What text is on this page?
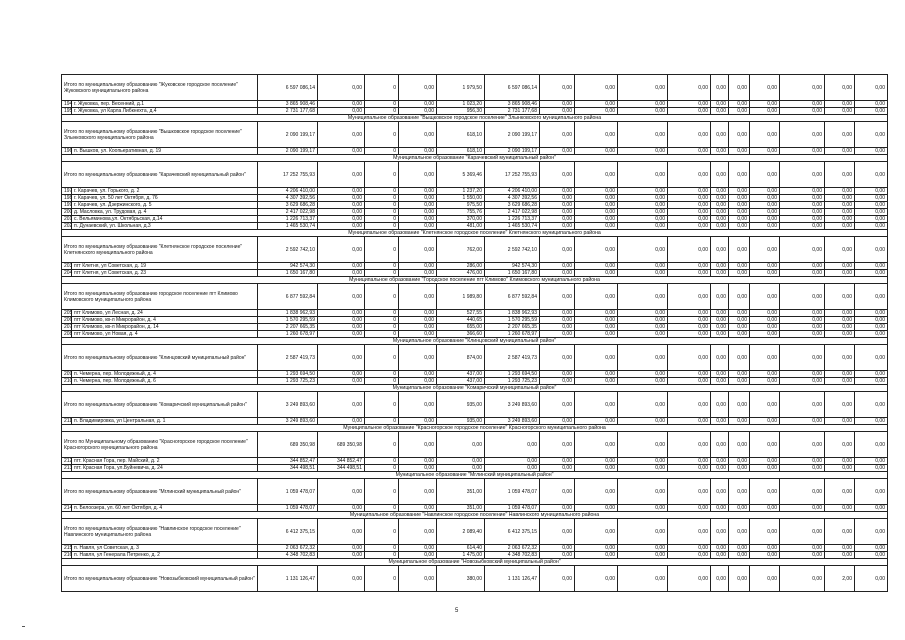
Итого по муниципальному образованию "Жуковское городское поселение" Жуковского муниципального района		6 597 086,14	0,00	0	0,00	1 979,50	6 597 086,14	0,00	0,00	0,00	0,00	0,00	0,00	0,00	0,00	0,00	0,00
194	г. Жуковка, пер. Весенний, д.1	3 865 908,46	0,00	0	0,00	1 023,20	3 865 908,46	0,00	0,00	0,00	0,00	0,00	0,00	0,00	0,00	0,00	0,00
195	г. Жуковка, ул Карла Либкнехта, д.4	2 731 177,68	0,00	0	0,00	956,30	2 731 177,68	0,00	0,00	0,00	0,00	0,00	0,00	0,00	0,00	0,00	0,00
Муниципальное образование "Выщковское городское поселение" Злынковского муниципального района																	
Итого по муниципальному образованию "Вышковское городское поселение" Злынковского муниципального района		2 090 199,17	0,00	0	0,00	618,10	2 090 199,17	0,00	0,00	0,00	0,00	0,00	0,00	0,00	0,00	0,00	0,00
196	п. Вышков, ул. Коопьеративная, д. 19	2 090 199,17	0,00	0	0,00	618,10	2 090 199,17	0,00	0,00	0,00	0,00	0,00	0,00	0,00	0,00	0,00	0,00
Муниципальное образование "Карачевский муниципальный район"																	
Итого по муниципальному образованию "Карачевский муниципальный район"		17 252 755,93	0,00	0	0,00	5 369,46	17 252 755,93	0,00	0,00	0,00	0,00	0,00	0,00	0,00	0,00	0,00	0,00
197	г. Карачев, ул. Горького, д. 2	4 206 410,00	0,00	0	0,00	1 237,20	4 206 410,00	0,00	0,00	0,00	0,00	0,00	0,00	0,00	0,00	0,00	0,00
198	г. Карачев, ул. 50 лет Октября, д. 76	4 307 392,56	0,00	0	0,00	1 550,00	4 307 392,56	0,00	0,00	0,00	0,00	0,00	0,00	0,00	0,00	0,00	0,00
199	г. Карачев, ул. Дзержинского, д. 5	3 629 686,28	0,00	0	0,00	975,50	3 629 686,28	0,00	0,00	0,00	0,00	0,00	0,00	0,00	0,00	0,00	0,00
200	д. Масловка, ул. Трудовая, д. 4	2 417 022,98	0,00	0	0,00	755,76	2 417 022,98	0,00	0,00	0,00	0,00	0,00	0,00	0,00	0,00	0,00	0,00
201	с. Вельяминова,ул. Октябрьская, д.14	1 226 713,37	0,00	0	0,00	370,00	1 226 713,37	0,00	0,00	0,00	0,00	0,00	0,00	0,00	0,00	0,00	0,00
202	п. Дунаевский, ул. Школьная, д.3	1 465 530,74	0,00	0	0,00	481,00	1 465 530,74	0,00	0,00	0,00	0,00	0,00	0,00	0,00	0,00	0,00	0,00
Муниципальное образование "Клетнянское городское поселение" Клетнянского муниципального района																	
Итого по муниципальному образованию "Клетнянское городское поселение" Клетнянского муниципального района		2 592 742,10	0,00	0	0,00	762,00	2 592 742,10	0,00	0,00	0,00	0,00	0,00	0,00	0,00	0,00	0,00	0,00
203	пгт Клетня, ул Советская, д. 19	942 574,30	0,00	0	0,00	286,00	942 574,30	0,00	0,00	0,00	0,00	0,00	0,00	0,00	0,00	0,00	0,00
204	пгт Клетня, ул Советская, д. 23	1 650 167,80	0,00	0	0,00	476,00	1 650 167,80	0,00	0,00	0,00	0,00	0,00	0,00	0,00	0,00	0,00	0,00
Муниципальное образование "Городское поселение пгт Климово" Климовского муниципального района																	
Итого по муниципальному образованию городское поселение пгт Климово Климовского муниципального района		6 877 592,84	0,00	0	0,00	1 989,80	6 877 592,84	0,00	0,00	0,00	0,00	0,00	0,00	0,00	0,00	0,00	0,00
205	пгт Климово, ул Лесная, д. 24	1 838 962,93	0,00	0	0,00	527,55	1 838 962,93	0,00	0,00	0,00	0,00	0,00	0,00	0,00	0,00	0,00	0,00
206	пгт Климово, кв-л Микрорайон, д. 4	1 570 295,59	0,00	0	0,00	440,65	1 570 295,59	0,00	0,00	0,00	0,00	0,00	0,00	0,00	0,00	0,00	0,00
207	пгт Климово, кв-л Микрорайон, д. 14	2 207 665,35	0,00	0	0,00	655,00	2 207 665,35	0,00	0,00	0,00	0,00	0,00	0,00	0,00	0,00	0,00	0,00
208	пгт Климово, ул Новая, д. 4	1 260 678,97	0,00	0	0,00	366,60	1 260 678,97	0,00	0,00	0,00	0,00	0,00	0,00	0,00	0,00	0,00	0,00
Муниципальное образование "Клинцовский муниципальный район"																	
Итого по муниципальному образованию "Клинцовский муниципальный район"		2 587 419,73	0,00	0	0,00	874,00	2 587 419,73	0,00	0,00	0,00	0,00	0,00	0,00	0,00	0,00	0,00	0,00
209	п. Чемерна, пер. Молодежный, д. 4	1 293 694,50	0,00	0	0,00	437,00	1 293 694,50	0,00	0,00	0,00	0,00	0,00	0,00	0,00	0,00	0,00	0,00
210	п. Чемерна, пер. Молодежный, д. 6	1 293 725,23	0,00	0	0,00	437,00	1 293 725,23	0,00	0,00	0,00	0,00	0,00	0,00	0,00	0,00	0,00	0,00
Муниципальное образование "Комаричский муниципальный район"																	
Итого по муниципальному образованию "Комаричский муниципальный район"		3 249 893,60	0,00	0	0,00	935,00	3 249 893,60	0,00	0,00	0,00	0,00	0,00	0,00	0,00	0,00	0,00	0,00
211	п. Владимировка, ул Центральная, д. 1	3 249 893,60	0,00	0	0,00	935,00	3 249 893,60	0,00	0,00	0,00	0,00	0,00	0,00	0,00	0,00	0,00	0,00
Муниципальное образование "Красногорское городское поселение" Красногорского муниципального района																	
Итого по Муниципальному образованию "Красногорское городское поселение" Красногорского муниципального района		689 350,98	689 350,98	0	0,00	0,00	0,00	0,00	0,00	0,00	0,00	0,00	0,00	0,00	0,00	0,00	0,00
212	пгт. Красная Гора, пер. Майский, д. 2	344 852,47	344 852,47	0	0,00	0,00	0,00	0,00	0,00	0,00	0,00	0,00	0,00	0,00	0,00	0,00	0,00
213	пгт. Красная Гора, ул.Буйневича, д. 24	344 498,51	344 498,51	0	0,00	0,00	0,00	0,00	0,00	0,00	0,00	0,00	0,00	0,00	0,00	0,00	0,00
Муниципальное образование "Мглинский муниципальный район"																	
Итого по муниципальному образованию "Мглинский муниципальный район"		1 059 478,07	0,00	0	0,00	351,00	1 059 478,07	0,00	0,00	0,00	0,00	0,00	0,00	0,00	0,00	0,00	0,00
214	п. Белоозера, ул. 60 лет Октября, д. 4	1 059 478,07	0,00	0	0,00	351,00	1 059 478,07	0,00	0,00	0,00	0,00	0,00	0,00	0,00	0,00	0,00	0,00
Муниципальное образование "Навлинское городское поселение" Навлинского муниципального района																	
Итого по муниципальному образованию "Навлинское городское поселение" Навлинского муниципального района		6 412 375,15	0,00	0	0,00	2 089,40	6 412 375,15	0,00	0,00	0,00	0,00	0,00	0,00	0,00	0,00	0,00	0,00
215	п. Навля, ул Советская, д. 3	2 063 672,32	0,00	0	0,00	614,40	2 063 672,32	0,00	0,00	0,00	0,00	0,00	0,00	0,00	0,00	0,00	0,00
216	п. Навля, ул Генерала Петренко, д. 2	4 348 702,83	0,00	0	0,00	1 475,00	4 348 702,83	0,00	0,00	0,00	0,00	0,00	0,00	0,00	0,00	0,00	0,00
Муниципальное образование "Новозыбковский муниципальный район"																	
Итого по муниципальному образованию "Новозыбковский муниципальный район"		1 131 126,47	0,00	0	0,00	380,00	1 131 126,47	0,00	0,00	0,00	0,00	0,00	0,00	0,00	0,00	2,00	0,00
5
